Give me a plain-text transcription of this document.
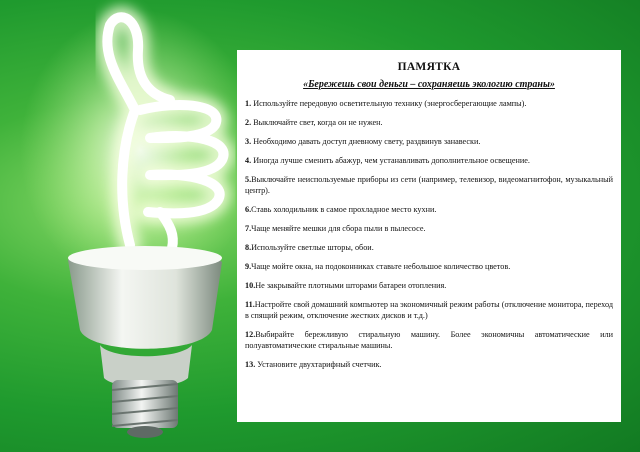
ПАМЯТКА
«Бережешь свои деньги – сохраняешь экологию страны»
1. Используйте передовую осветительную технику (энергосберегающие лампы).
2. Выключайте свет, когда он не нужен.
3. Необходимо давать доступ дневному свету, раздвинув занавески.
4. Иногда лучше сменить абажур, чем устанавливать дополнительное освещение.
5.Выключайте неиспользуемые приборы из сети (например, телевизор, видеомагнитофон, музыкальный центр).
6.Ставь холодильник в самое прохладное место кухни.
7.Чаще меняйте мешки для сбора пыли в пылесосе.
8.Используйте светлые шторы, обои.
9.Чаще мойте окна, на подоконниках ставьте небольшое количество цветов.
10.Не закрывайте плотными шторами батареи отопления.
11.Настройте свой домашний компьютер на экономичный режим работы (отключение монитора, переход в спящий режим, отключение жестких дисков и т.д.)
12.Выбирайте бережливую стиральную машину. Более экономичны автоматические или полуавтоматические стиральные машины.
13. Установите двухтарифный счетчик.
